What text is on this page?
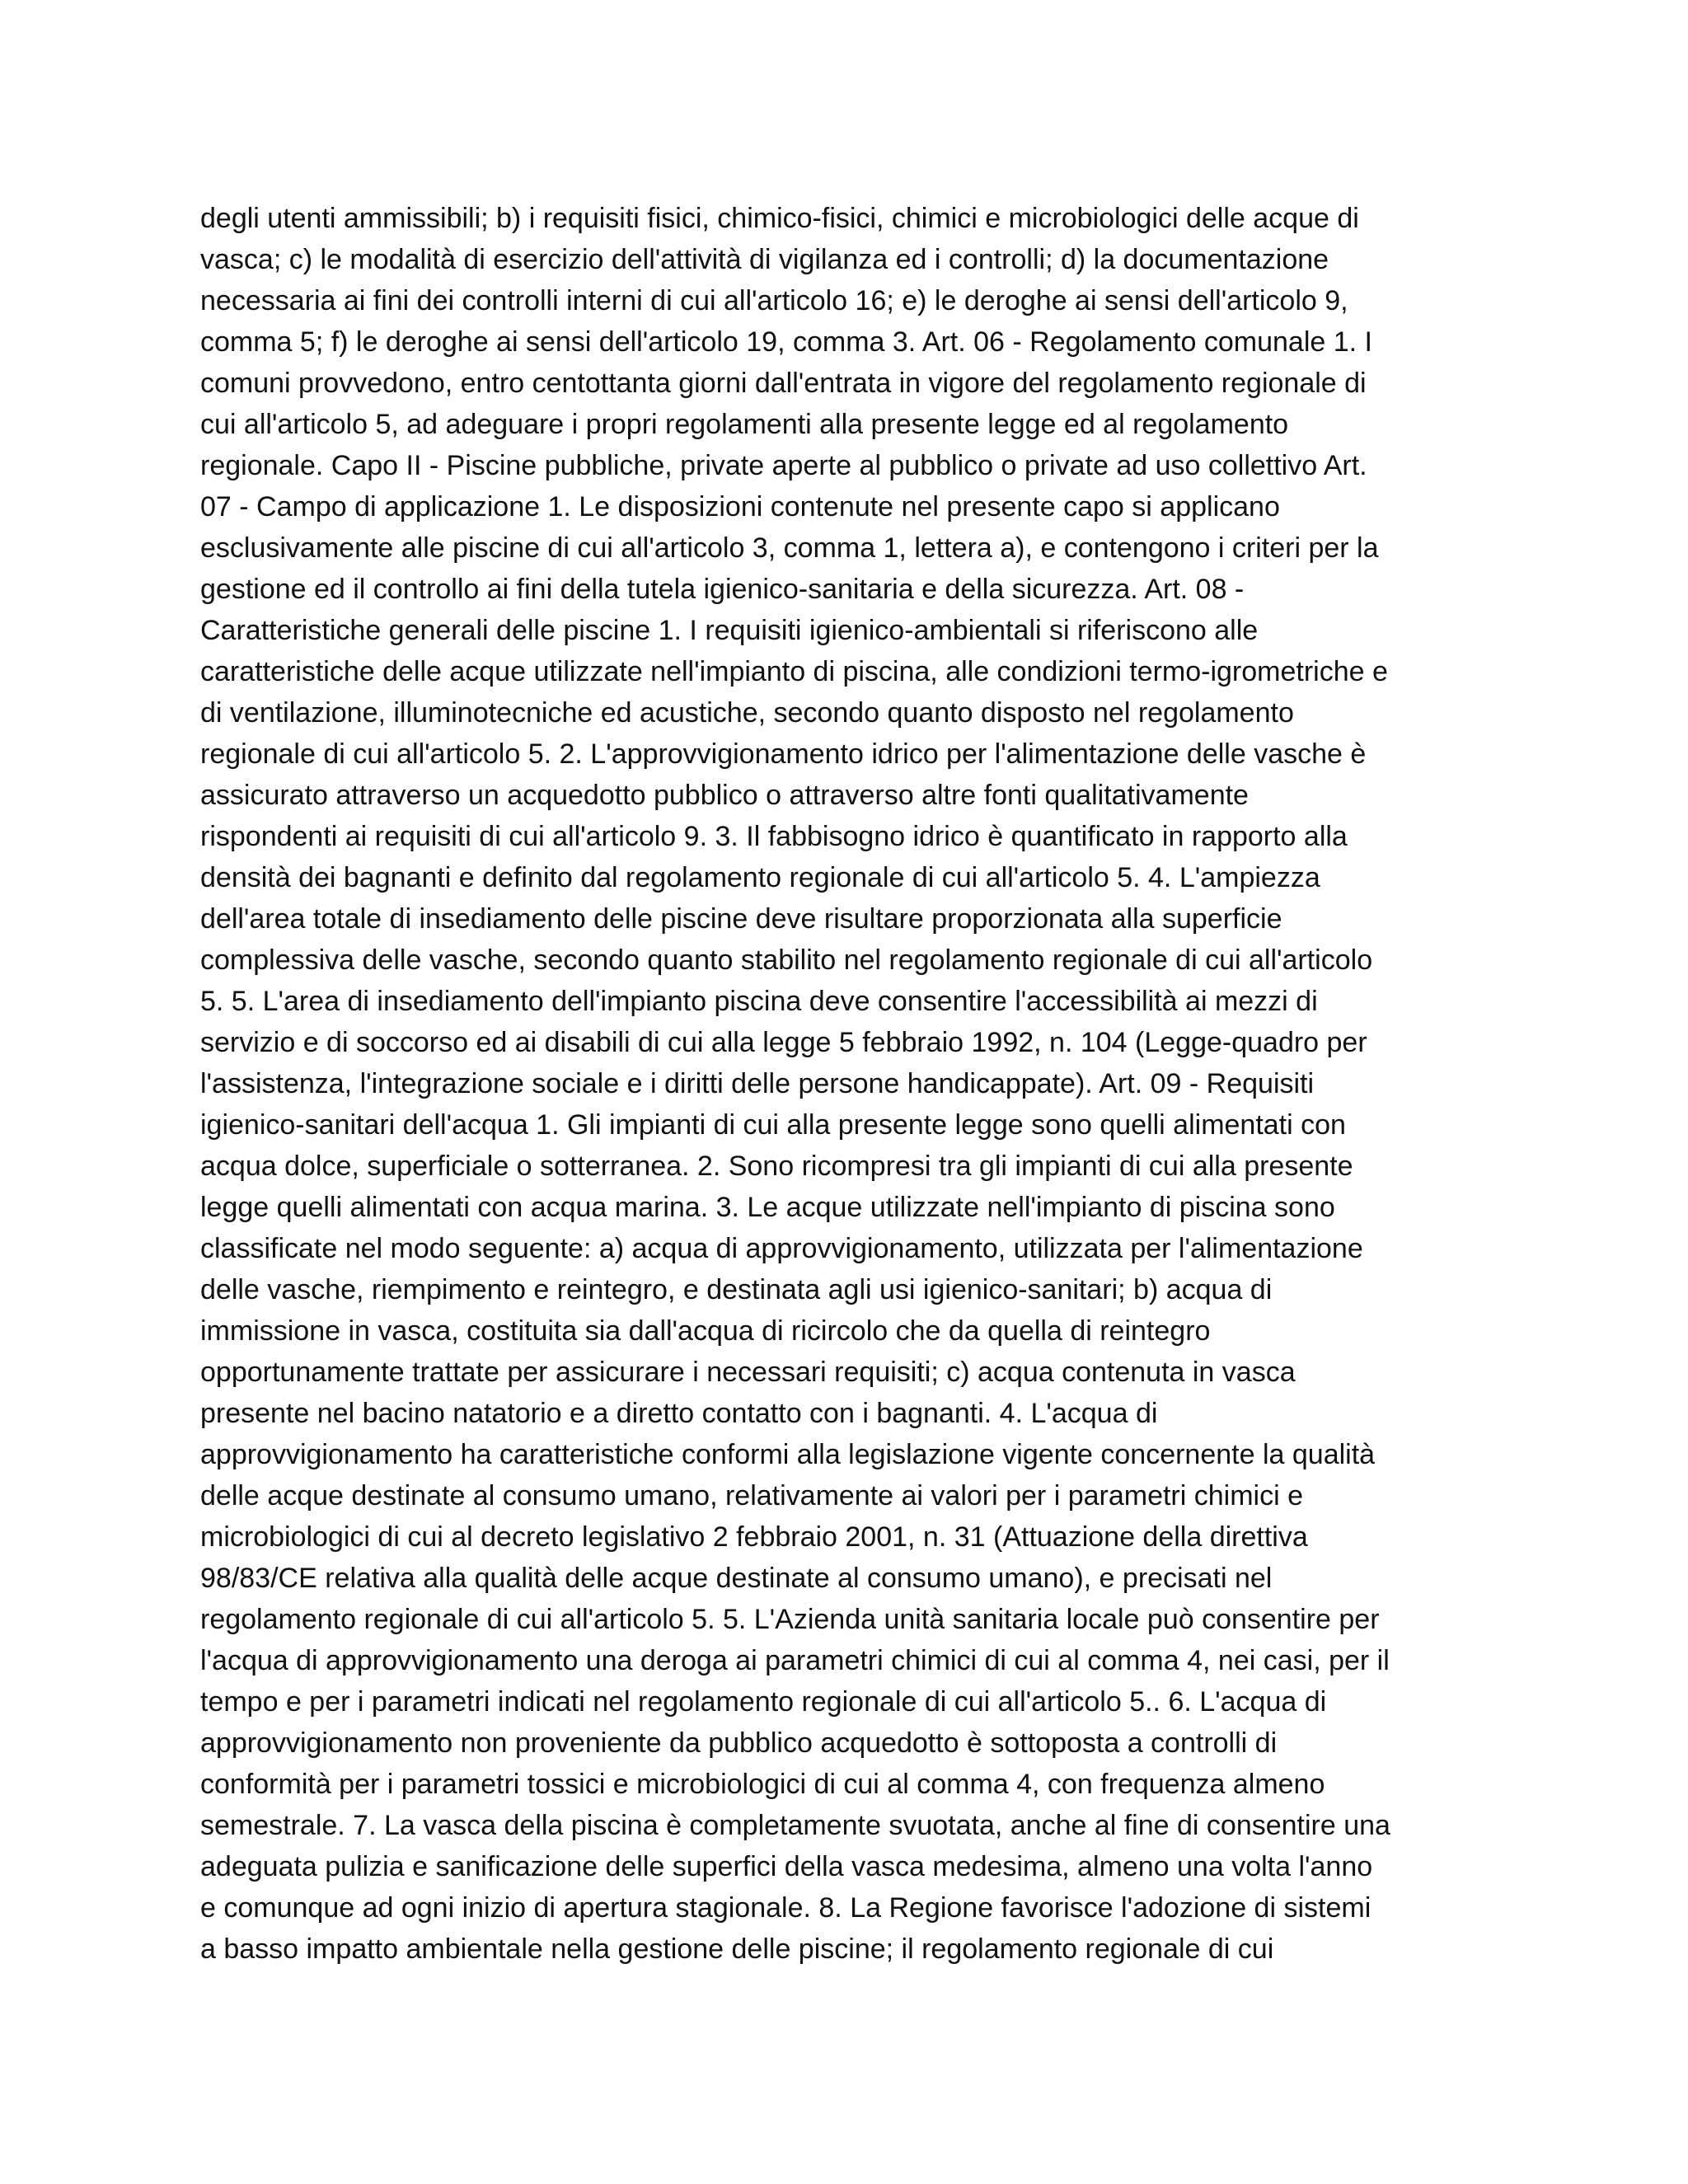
degli utenti ammissibili; b) i requisiti fisici, chimico-fisici, chimici e microbiologici delle acque di
vasca; c) le modalità di esercizio dell'attività di vigilanza ed i controlli; d) la documentazione
necessaria ai fini dei controlli interni di cui all'articolo 16; e) le deroghe ai sensi dell'articolo 9,
comma 5; f) le deroghe ai sensi dell'articolo 19, comma 3. Art. 06 - Regolamento comunale 1. I
comuni provvedono, entro centottanta giorni dall'entrata in vigore del regolamento regionale di
cui all'articolo 5, ad adeguare i propri regolamenti alla presente legge ed al regolamento
regionale. Capo II - Piscine pubbliche, private aperte al pubblico o private ad uso collettivo Art.
07 - Campo di applicazione 1. Le disposizioni contenute nel presente capo si applicano
esclusivamente alle piscine di cui all'articolo 3, comma 1, lettera a), e contengono i criteri per la
gestione ed il controllo ai fini della tutela igienico-sanitaria e della sicurezza. Art. 08 -
Caratteristiche generali delle piscine 1. I requisiti igienico-ambientali si riferiscono alle
caratteristiche delle acque utilizzate nell'impianto di piscina, alle condizioni termo-igrometriche e
di ventilazione, illuminotecniche ed acustiche, secondo quanto disposto nel regolamento
regionale di cui all'articolo 5. 2. L'approvvigionamento idrico per l'alimentazione delle vasche è
assicurato attraverso un acquedotto pubblico o attraverso altre fonti qualitativamente
rispondenti ai requisiti di cui all'articolo 9. 3. Il fabbisogno idrico è quantificato in rapporto alla
densità dei bagnanti e definito dal regolamento regionale di cui all'articolo 5. 4. L'ampiezza
dell'area totale di insediamento delle piscine deve risultare proporzionata alla superficie
complessiva delle vasche, secondo quanto stabilito nel regolamento regionale di cui all'articolo
5. 5. L'area di insediamento dell'impianto piscina deve consentire l'accessibilità ai mezzi di
servizio e di soccorso ed ai disabili di cui alla legge 5 febbraio 1992, n. 104 (Legge-quadro per
l'assistenza, l'integrazione sociale e i diritti delle persone handicappate). Art. 09 - Requisiti
igienico-sanitari dell'acqua 1. Gli impianti di cui alla presente legge sono quelli alimentati con
acqua dolce, superficiale o sotterranea. 2. Sono ricompresi tra gli impianti di cui alla presente
legge quelli alimentati con acqua marina. 3. Le acque utilizzate nell'impianto di piscina sono
classificate nel modo seguente: a) acqua di approvvigionamento, utilizzata per l'alimentazione
delle vasche, riempimento e reintegro, e destinata agli usi igienico-sanitari; b) acqua di
immissione in vasca, costituita sia dall'acqua di ricircolo che da quella di reintegro
opportunamente trattate per assicurare i necessari requisiti; c) acqua contenuta in vasca
presente nel bacino natatorio e a diretto contatto con i bagnanti. 4. L'acqua di
approvvigionamento ha caratteristiche conformi alla legislazione vigente concernente la qualità
delle acque destinate al consumo umano, relativamente ai valori per i parametri chimici e
microbiologici di cui al decreto legislativo 2 febbraio 2001, n. 31 (Attuazione della direttiva
98/83/CE relativa alla qualità delle acque destinate al consumo umano), e precisati nel
regolamento regionale di cui all'articolo 5. 5. L'Azienda unità sanitaria locale può consentire per
l'acqua di approvvigionamento una deroga ai parametri chimici di cui al comma 4, nei casi, per il
tempo e per i parametri indicati nel regolamento regionale di cui all'articolo 5.. 6. L'acqua di
approvvigionamento non proveniente da pubblico acquedotto è sottoposta a controlli di
conformità per i parametri tossici e microbiologici di cui al comma 4, con frequenza almeno
semestrale. 7. La vasca della piscina è completamente svuotata, anche al fine di consentire una
adeguata pulizia e sanificazione delle superfici della vasca medesima, almeno una volta l'anno
e comunque ad ogni inizio di apertura stagionale. 8. La Regione favorisce l'adozione di sistemi
a basso impatto ambientale nella gestione delle piscine; il regolamento regionale di cui
